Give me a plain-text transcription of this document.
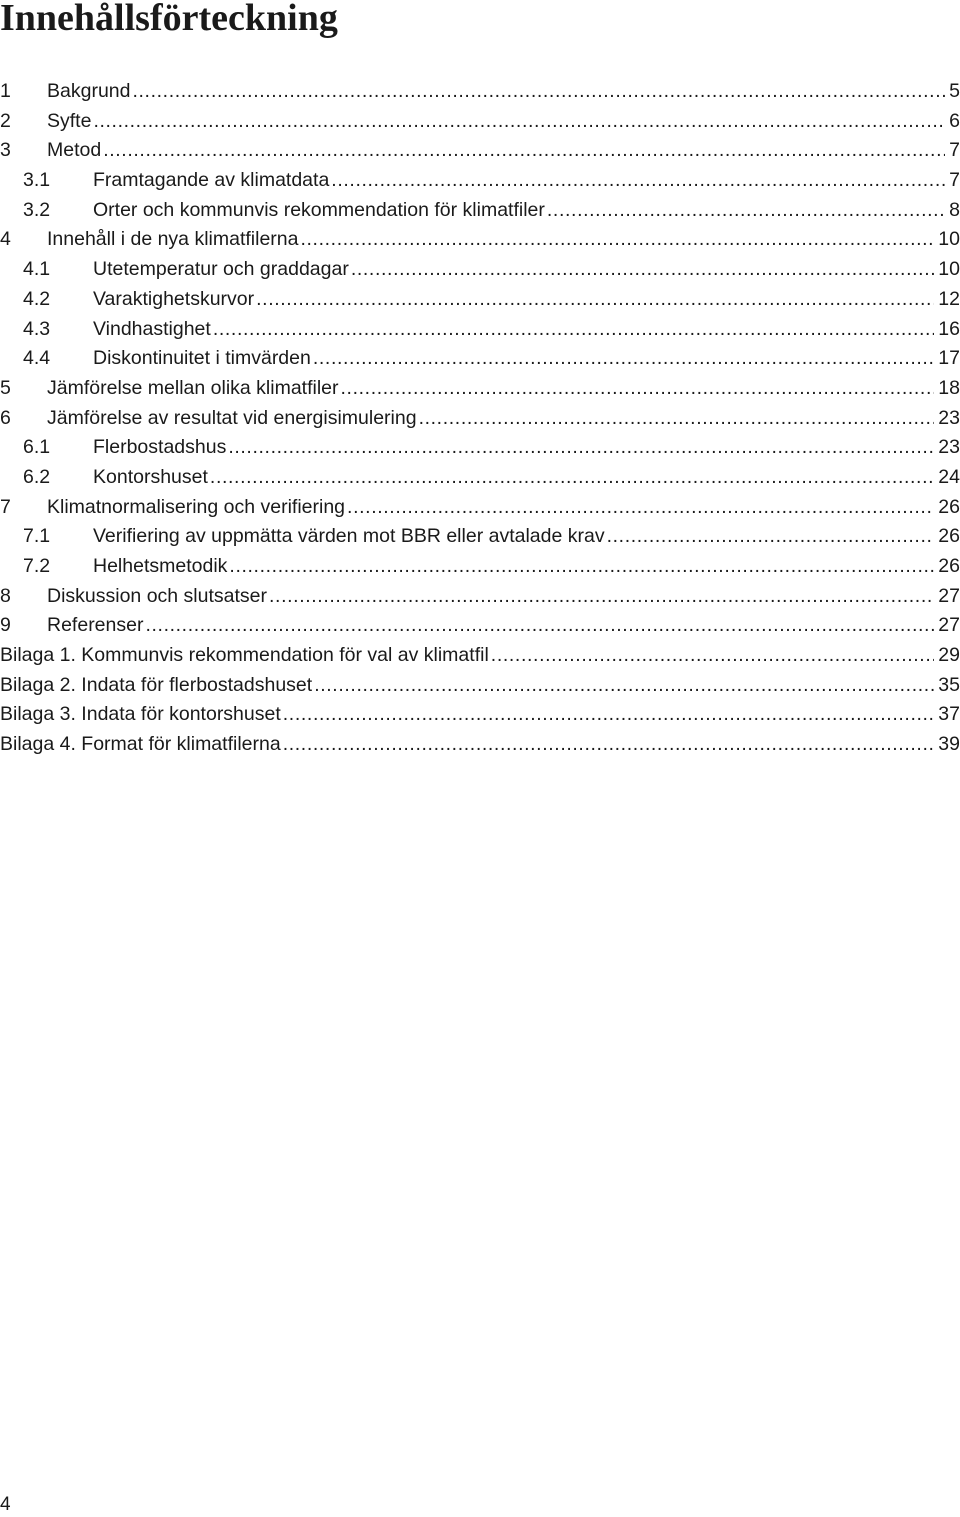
Innehållsförteckning
1	Bakgrund . . .	5
2	Syfte . . .	6
3	Metod . . .	7
3.1	Framtagande av klimatdata . . .	7
3.2	Orter och kommunvis rekommendation för klimatfiler . . .	8
4	Innehåll i de nya klimatfilerna . . .	10
4.1	Utetemperatur och graddagar . . .	10
4.2	Varaktighetskurvor . . .	12
4.3	Vindhastighet . . .	16
4.4	Diskontinuitet i timvärden . . .	17
5	Jämförelse mellan olika klimatfiler . . .	18
6	Jämförelse av resultat vid energisimulering . . .	23
6.1	Flerbostadshus . . .	23
6.2	Kontorshuset . . .	24
7	Klimatnormalisering och verifiering . . .	26
7.1	Verifiering av uppmätta värden mot BBR eller avtalade krav . . .	26
7.2	Helhetsmetodik . . .	26
8	Diskussion och slutsatser . . .	27
9	Referenser . . .	27
Bilaga 1. Kommunvis rekommendation för val av klimatfil . . .	29
Bilaga 2. Indata för flerbostadshuset . . .	35
Bilaga 3. Indata för kontorshuset . . .	37
Bilaga 4. Format för klimatfilerna . . .	39
4
